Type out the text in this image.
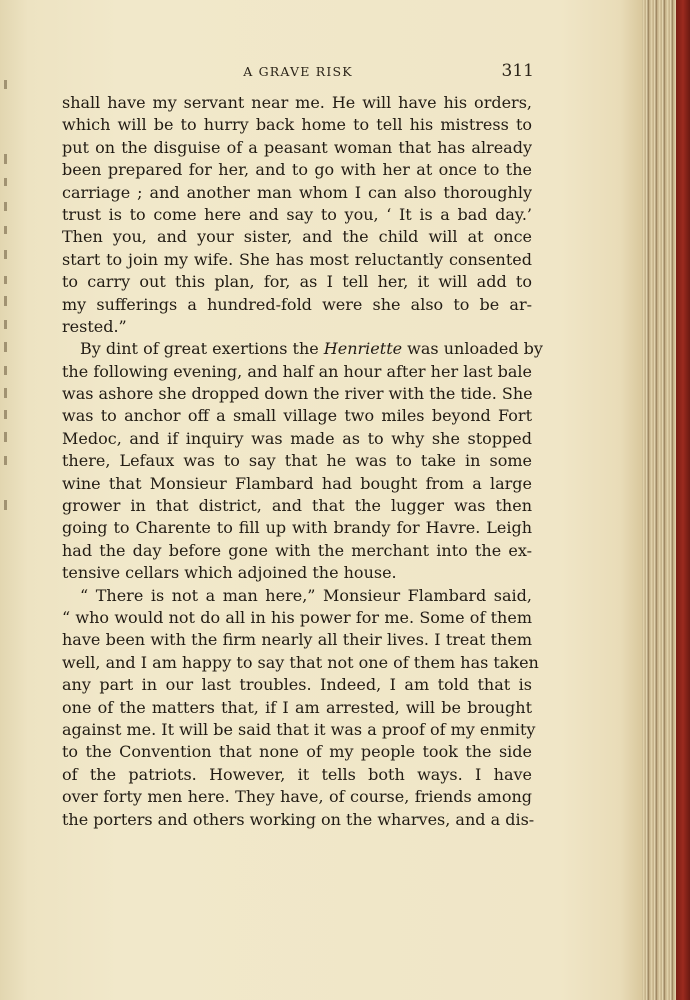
A GRAVE RISK	311
shall have my servant near me. He will have his orders,
which will be to hurry back home to tell his mistress to
put on the disguise of a peasant woman that has already
been prepared for her, and to go with her at once to the
carriage ; and another man whom I can also thoroughly
trust is to come here and say to you, ‘ It is a bad day.’
Then you, and your sister, and the child will at once
start to join my wife. She has most reluctantly consented
to carry out this plan, for, as I tell her, it will add to
my sufferings a hundred-fold were she also to be ar-
rested.”
By dint of great exertions the Henriette was unloaded by
the following evening, and half an hour after her last bale
was ashore she dropped down the river with the tide. She
was to anchor off a small village two miles beyond Fort
Medoc, and if inquiry was made as to why she stopped
there, Lefaux was to say that he was to take in some
wine that Monsieur Flambard had bought from a large
grower in that district, and that the lugger was then
going to Charente to fill up with brandy for Havre. Leigh
had the day before gone with the merchant into the ex-
tensive cellars which adjoined the house.
“ There is not a man here,” Monsieur Flambard said,
“ who would not do all in his power for me. Some of them
have been with the firm nearly all their lives. I treat them
well, and I am happy to say that not one of them has taken
any part in our last troubles. Indeed, I am told that is
one of the matters that, if I am arrested, will be brought
against me. It will be said that it was a proof of my enmity
to the Convention that none of my people took the side
of the patriots. However, it tells both ways. I have
over forty men here. They have, of course, friends among
the porters and others working on the wharves, and a dis-
